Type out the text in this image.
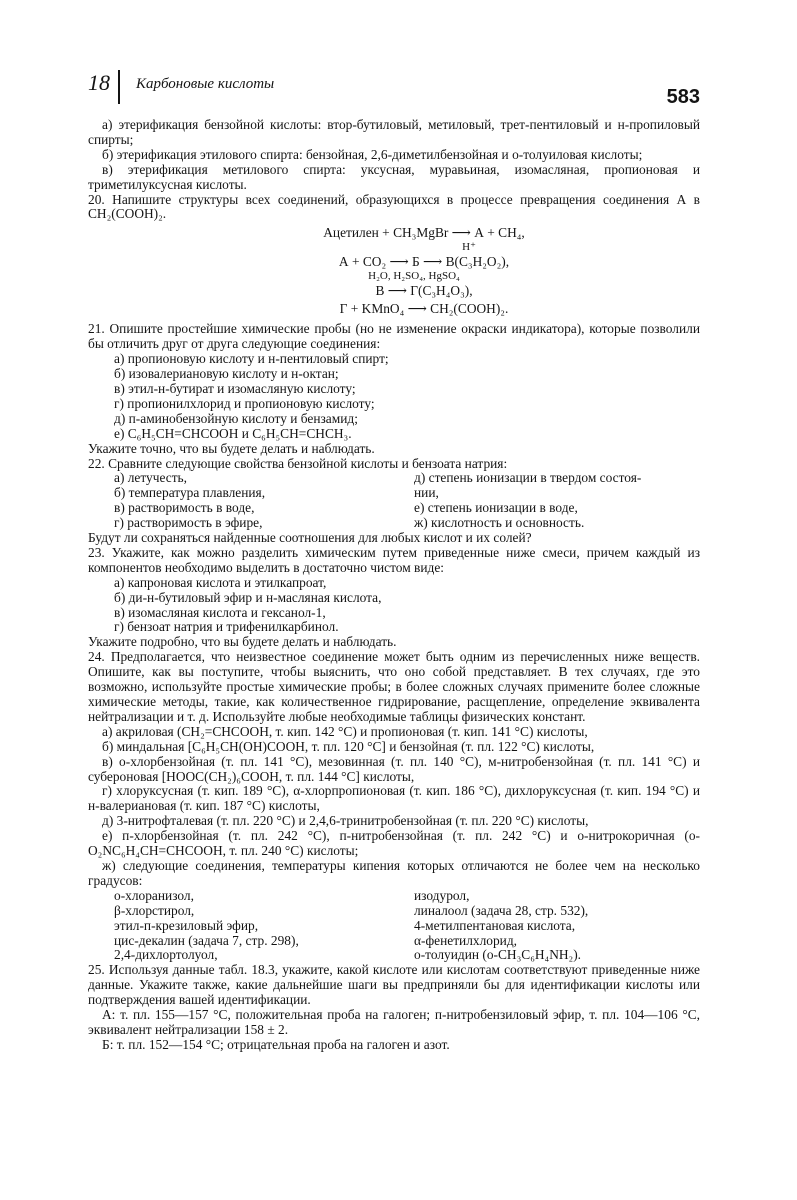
18 Карбоновые кислоты
583

а) этерификация бензойной кислоты: втор-бутиловый, метиловый, трет-пентиловый и н-пропиловый спирты;

б) этерификация этилового спирта: бензойная, 2,6-диметилбензойная и о-толуиловая кислоты;

в) этерификация метилового спирта: уксусная, муравьиная, изомасляная, пропионовая и триметилуксусная кислоты.

20. Напишите структуры всех соединений, образующихся в процессе превращения соединения А в CH₂(COOH)₂.

Ацетилен + CH₃MgBr ⟶ А + CH₄,

H⁺

А + CO₂ ⟶ Б ⟶ В(C₃H₂O₂),

H₂O, H₂SO₄, HgSO₄

В ⟶ Г(C₃H₄O₃),

Г + KMnO₄ ⟶ CH₂(COOH)₂.

21. Опишите простейшие химические пробы (но не изменение окраски индикатора), которые позволили бы отличить друг от друга следующие соединения:

а) пропионовую кислоту и н-пентиловый спирт;
б) изовалериановую кислоту и н-октан;
в) этил-н-бутират и изомасляную кислоту;
г) пропионилхлорид и пропионовую кислоту;
д) п-аминобензойную кислоту и бензамид;
е) C₆H₅CH=CHCOOH и C₆H₅CH=CHCH₃.

Укажите точно, что вы будете делать и наблюдать.

22. Сравните следующие свойства бензойной кислоты и бензоата натрия:

а) летучесть,	д) степень ионизации в твердом состоя-
б) температура плавления,	нии,
в) растворимость в воде,	е) степень ионизации в воде,
г) растворимость в эфире,	ж) кислотность и основность.

Будут ли сохраняться найденные соотношения для любых кислот и их солей?

23. Укажите, как можно разделить химическим путем приведенные ниже смеси, причем каждый из компонентов необходимо выделить в достаточно чистом виде:

а) капроновая кислота и этилкапроат,
б) ди-н-бутиловый эфир и н-масляная кислота,
в) изомасляная кислота и гексанол-1,
г) бензоат натрия и трифенилкарбинол.

Укажите подробно, что вы будете делать и наблюдать.

24. Предполагается, что неизвестное соединение может быть одним из перечисленных ниже веществ. Опишите, как вы поступите, чтобы выяснить, что оно собой представляет. В тех случаях, где это возможно, используйте простые химические пробы; в более сложных случаях примените более сложные химические методы, такие, как количественное гидрирование, расщепление, определение эквивалента нейтрализации и т. д. Используйте любые необходимые таблицы физических констант.

а) акриловая (CH₂=CHCOOH, т. кип. 142 °C) и пропионовая (т. кип. 141 °C) кислоты,

б) миндальная [C₆H₅CH(OH)COOH, т. пл. 120 °C] и бензойная (т. пл. 122 °C) кислоты,

в) о-хлорбензойная (т. пл. 141 °C), мезовинная (т. пл. 140 °C), м-нитробензойная (т. пл. 141 °C) и субероновая [HOOC(CH₂)₆COOH, т. пл. 144 °C] кислоты,

г) хлоруксусная (т. кип. 189 °C), α-хлорпропионовая (т. кип. 186 °C), дихлоруксусная (т. кип. 194 °C) и н-валериановая (т. кип. 187 °C) кислоты,

д) 3-нитрофталевая (т. пл. 220 °C) и 2,4,6-тринитробензойная (т. пл. 220 °C) кислоты,

е) п-хлорбензойная (т. пл. 242 °C), п-нитробензойная (т. пл. 242 °C) и о-нитрокоричная (о-O₂NC₆H₄CH=CHCOOH, т. пл. 240 °C) кислоты;

ж) следующие соединения, температуры кипения которых отличаются не более чем на несколько градусов:

о-хлоранизол,	изодурол,
β-хлорстирол,	линалоол (задача 28, стр. 532),
этил-п-крезиловый эфир,	4-метилпентановая кислота,
цис-декалин (задача 7, стр. 298),	α-фенетилхлорид,
2,4-дихлортолуол,	о-толуидин (о-CH₃C₆H₄NH₂).

25. Используя данные табл. 18.3, укажите, какой кислоте или кислотам соответствуют приведенные ниже данные. Укажите также, какие дальнейшие шаги вы предприняли бы для идентификации кислоты или подтверждения вашей идентификации.

А: т. пл. 155—157 °C, положительная проба на галоген; п-нитробензиловый эфир, т. пл. 104—106 °C, эквивалент нейтрализации 158 ± 2.

Б: т. пл. 152—154 °C; отрицательная проба на галоген и азот.
